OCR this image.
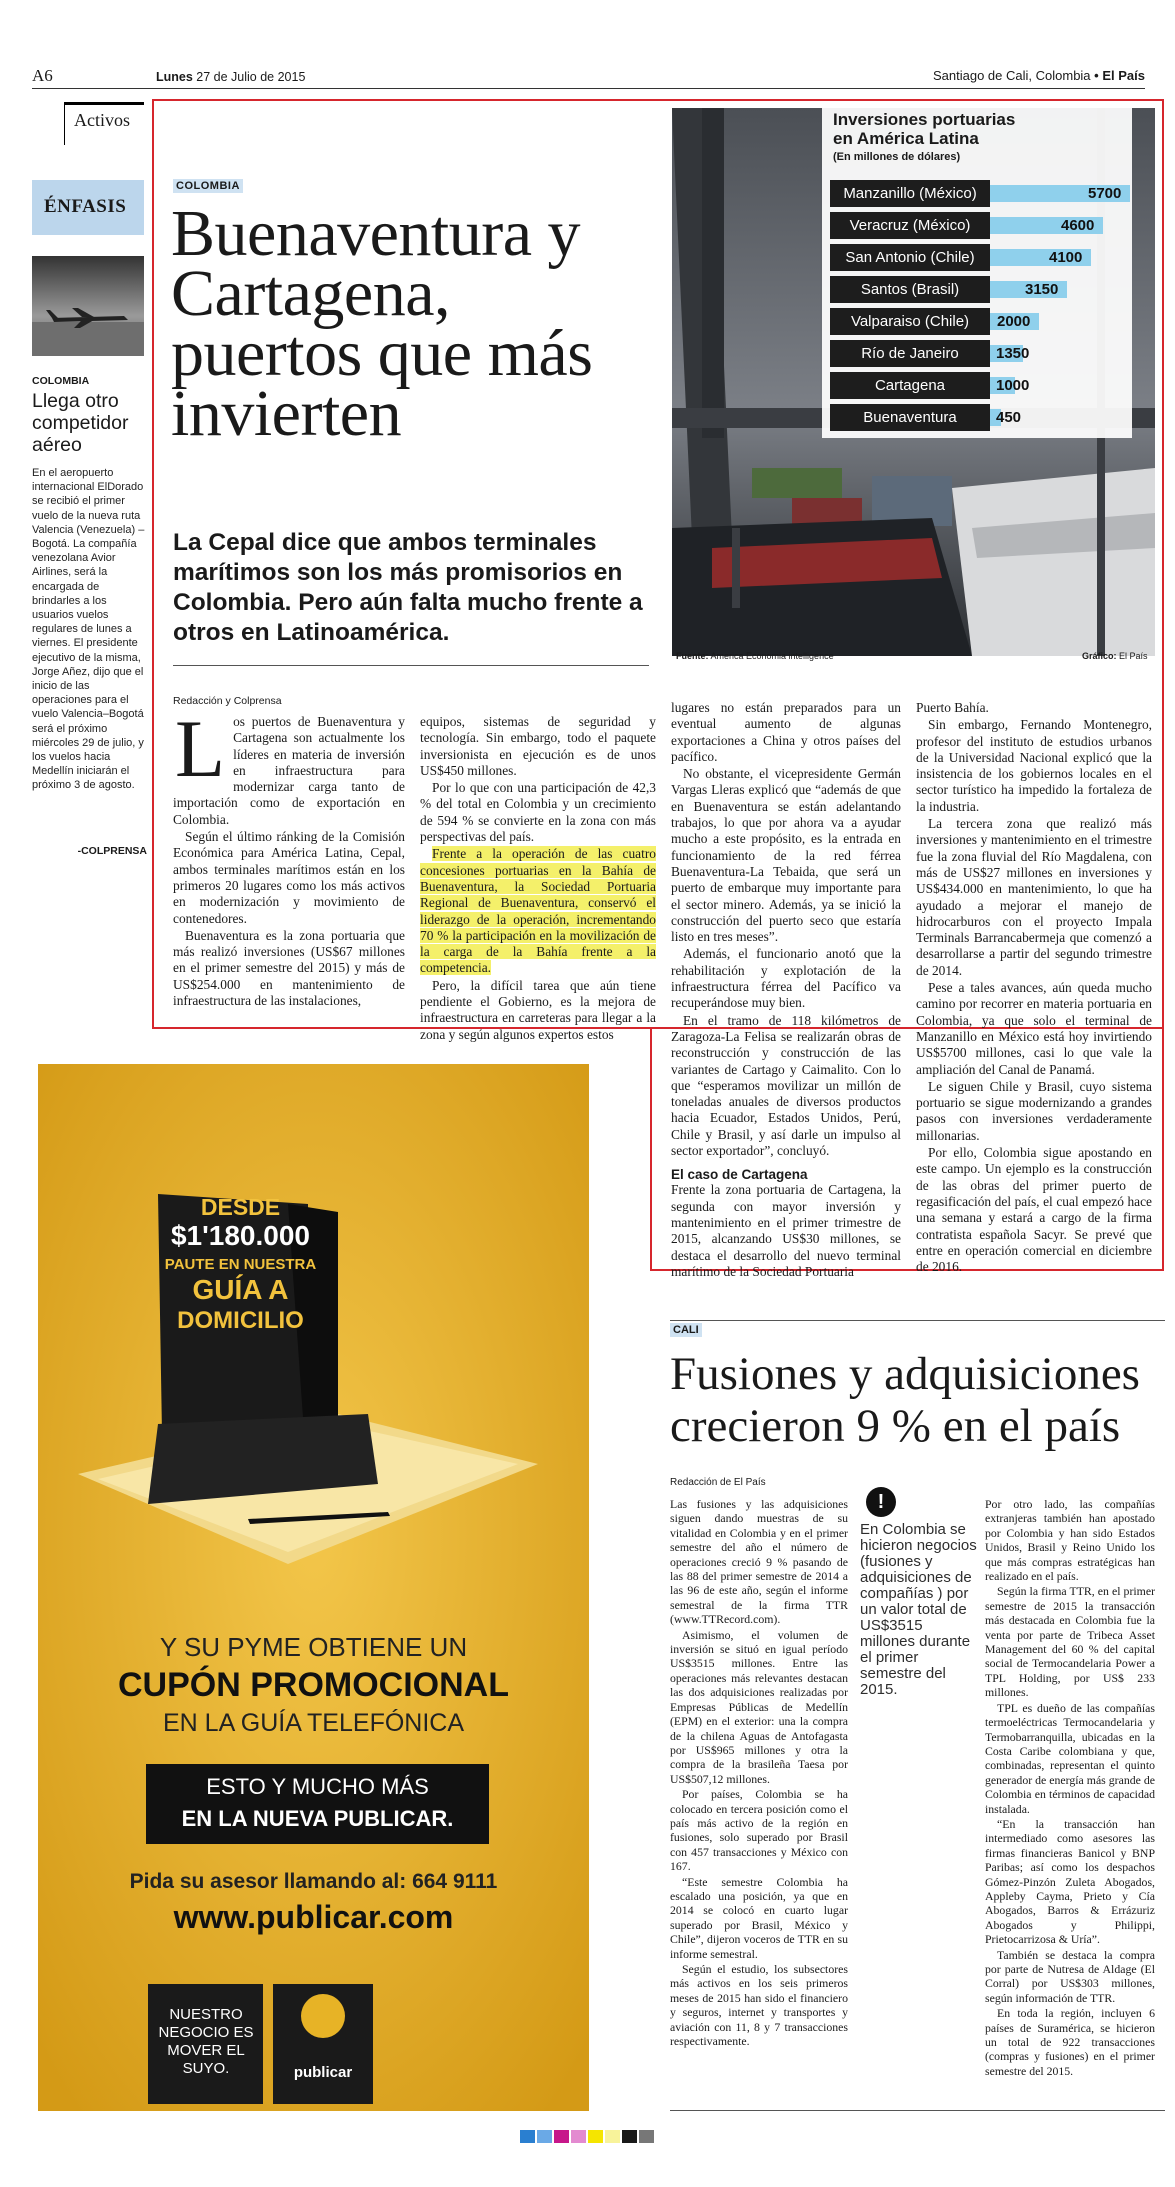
A6	Lunes 27 de Julio de 2015	Santiago de Cali, Colombia • El País
Activos
ÉNFASIS
COLOMBIA
Llega otro competidor aéreo
En el aeropuerto internacional ElDorado se recibió el primer vuelo de la nueva ruta Valencia (Venezuela) –Bogotá. La compañía venezolana Avior Airlines, será la encargada de brindarles a los usuarios vuelos regulares de lunes a viernes. El presidente ejecutivo de la misma, Jorge Añez, dijo que el inicio de las operaciones para el vuelo Valencia–Bogotá será el próximo miércoles 29 de julio, y los vuelos hacia Medellín iniciarán el próximo 3 de agosto.
-COLPRENSA
COLOMBIA
Buenaventura y Cartagena, puertos que más invierten
La Cepal dice que ambos terminales marítimos son los más promisorios en Colombia. Pero aún falta mucho frente a otros en Latinoamérica.
Inversiones portuarias
en América Latina
(En millones de dólares)
Manzanillo (México)	5700
Veracruz (México)	4600
San Antonio (Chile)	4100
Santos (Brasil)	3150
Valparaiso (Chile)	2000
Río de Janeiro	1350
Cartagena	1000
Buenaventura	450
Fuente: America Economia intelligence	Gráfico: El País
Redacción y Colprensa
L os puertos de Buenaventura y Cartagena son actualmente los líderes en materia de inversión en infraestructura para modernizar carga tanto de importación como de exportación en Colombia.

Según el último ránking de la Comisión Económica para América Latina, Cepal, ambos terminales marítimos están en los primeros 20 lugares como los más activos en modernización y movimiento de contenedores.

Buenaventura es la zona portuaria que más realizó inversiones (US$67 millones en el primer semestre del 2015) y más de US$254.000 en mantenimiento de infraestructura de las instalaciones,

equipos, sistemas de seguridad y tecnología. Sin embargo, todo el paquete inversionista en ejecución es de unos US$450 millones.

Por lo que con una participación de 42,3 % del total en Colombia y un crecimiento de 594 % se convierte en la zona con más perspectivas del país.

Frente a la operación de las cuatro concesiones portuarias en la Bahía de Buenaventura, la Sociedad Portuaria Regional de Buenaventura, conservó el liderazgo de la operación, incrementando 70 % la participación en la movilización de la carga de la Bahía frente a la competencia.

Pero, la difícil tarea que aún tiene pendiente el Gobierno, es la mejora de infraestructura en carreteras para llegar a la zona y según algunos expertos estos

lugares no están preparados para un eventual aumento de algunas exportaciones a China y otros países del pacífico.

No obstante, el vicepresidente Germán Vargas Lleras explicó que “además de que en Buenaventura se están adelantando trabajos, lo que por ahora va a ayudar mucho a este propósito, es la entrada en funcionamiento de la red férrea Buenaventura-La Tebaida, que será un puerto de embarque muy importante para el sector minero. Además, ya se inició la construcción del puerto seco que estaría listo en tres meses”.

Además, el funcionario anotó que la rehabilitación y explotación de la infraestructura férrea del Pacífico va recuperándose muy bien.

En el tramo de 118 kilómetros de Zaragoza-La Felisa se realizarán obras de reconstrucción y construcción de las variantes de Cartago y Caimalito. Con lo que “esperamos movilizar un millón de toneladas anuales de diversos productos hacia Ecuador, Estados Unidos, Perú, Chile y Brasil, y así darle un impulso al sector exportador”, concluyó.

El caso de Cartagena

Frente la zona portuaria de Cartagena, la segunda con mayor inversión y mantenimiento en el primer trimestre de 2015, alcanzando US$30 millones, se destaca el desarrollo del nuevo terminal marítimo de la Sociedad Portuaria

Puerto Bahía.

Sin embargo, Fernando Montenegro, profesor del instituto de estudios urbanos de la Universidad Nacional explicó que la insistencia de los gobiernos locales en el sector turístico ha impedido la fortaleza de la industria.

La tercera zona que realizó más inversiones y mantenimiento en el trimestre fue la zona fluvial del Río Magdalena, con más de US$27 millones en inversiones y US$434.000 en mantenimiento, lo que ha ayudado a mejorar el manejo de hidrocarburos con el proyecto Impala Terminals Barrancabermeja que comenzó a desarrollarse a partir del segundo trimestre de 2014.

Pese a tales avances, aún queda mucho camino por recorrer en materia portuaria en Colombia, ya que solo el terminal de Manzanillo en México está hoy invirtiendo US$5700 millones, casi lo que vale la ampliación del Canal de Panamá.

Le siguen Chile y Brasil, cuyo sistema portuario se sigue modernizando a grandes pasos con inversiones verdaderamente millonarias.

Por ello, Colombia sigue apostando en este campo. Un ejemplo es la construcción de las obras del primer puerto de regasificación del país, el cual empezó hace una semana y estará a cargo de la firma contratista española Sacyr. Se prevé que entre en operación comercial en diciembre de 2016.

DESDE
$1'180.000
PAUTE EN NUESTRA
GUÍA A
DOMICILIO
Y SU PYME OBTIENE UN
CUPÓN PROMOCIONAL
EN LA GUÍA TELEFÓNICA
ESTO Y MUCHO MÁS
EN LA NUEVA PUBLICAR.
Pida su asesor llamando al: 664 9111
www.publicar.com
NUESTRO NEGOCIO ES MOVER EL SUYO.	publicar
CALI
Fusiones y adquisiciones crecieron 9 % en el país
Redacción de El País

Las fusiones y las adquisiciones siguen dando muestras de su vitalidad en Colombia y en el primer semestre del año el número de operaciones creció 9 % pasando de las 88 del primer semestre de 2014 a las 96 de este año, según el informe semestral de la firma TTR (www.TTRecord.com).

Asimismo, el volumen de inversión se situó en igual período US$3515 millones. Entre las operaciones más relevantes destacan las dos adquisiciones realizadas por Empresas Públicas de Medellín (EPM) en el exterior: una la compra de la chilena Aguas de Antofagasta por US$965 millones y otra la compra de la brasileña Taesa por US$507,12 millones.

Por países, Colombia se ha colocado en tercera posición como el país más activo de la región en fusiones, solo superado por Brasil con 457 transacciones y México con 167.

“Este semestre Colombia ha escalado una posición, ya que en 2014 se colocó en cuarto lugar superado por Brasil, México y Chile”, dijeron voceros de TTR en su informe semestral.

Según el estudio, los subsectores más activos en los seis primeros meses de 2015 han sido el financiero y seguros, internet y transportes y aviación con 11, 8 y 7 transacciones respectivamente.

!
En Colombia se hicieron negocios (fusiones y adquisiciones de compañías ) por un valor total de US$3515 millones durante el primer semestre del 2015.

Por otro lado, las compañías extranjeras también han apostado por Colombia y han sido Estados Unidos, Brasil y Reino Unido los que más compras estratégicas han realizado en el país.

Según la firma TTR, en el primer semestre de 2015 la transacción más destacada en Colombia fue la venta por parte de Tribeca Asset Management del 60 % del capital social de Termocandelaria Power a TPL Holding, por US$ 233 millones.

TPL es dueño de las compañías termoeléctricas Termocandelaria y Termobarranquilla, ubicadas en la Costa Caribe colombiana y que, combinadas, representan el quinto generador de energía más grande de Colombia en términos de capacidad instalada.

“En la transacción han intermediado como asesores las firmas financieras Banicol y BNP Paribas; así como los despachos Gómez-Pinzón Zuleta Abogados, Appleby Cayma, Prieto y Cía Abogados, Barros & Errázuriz Abogados y Philippi, Prietocarrizosa & Uría”.

También se destaca la compra por parte de Nutresa de Aldage (El Corral) por US$303 millones, según información de TTR.

En toda la región, incluyen 6 países de Suramérica, se hicieron un total de 922 transacciones (compras y fusiones) en el primer semestre del 2015.
